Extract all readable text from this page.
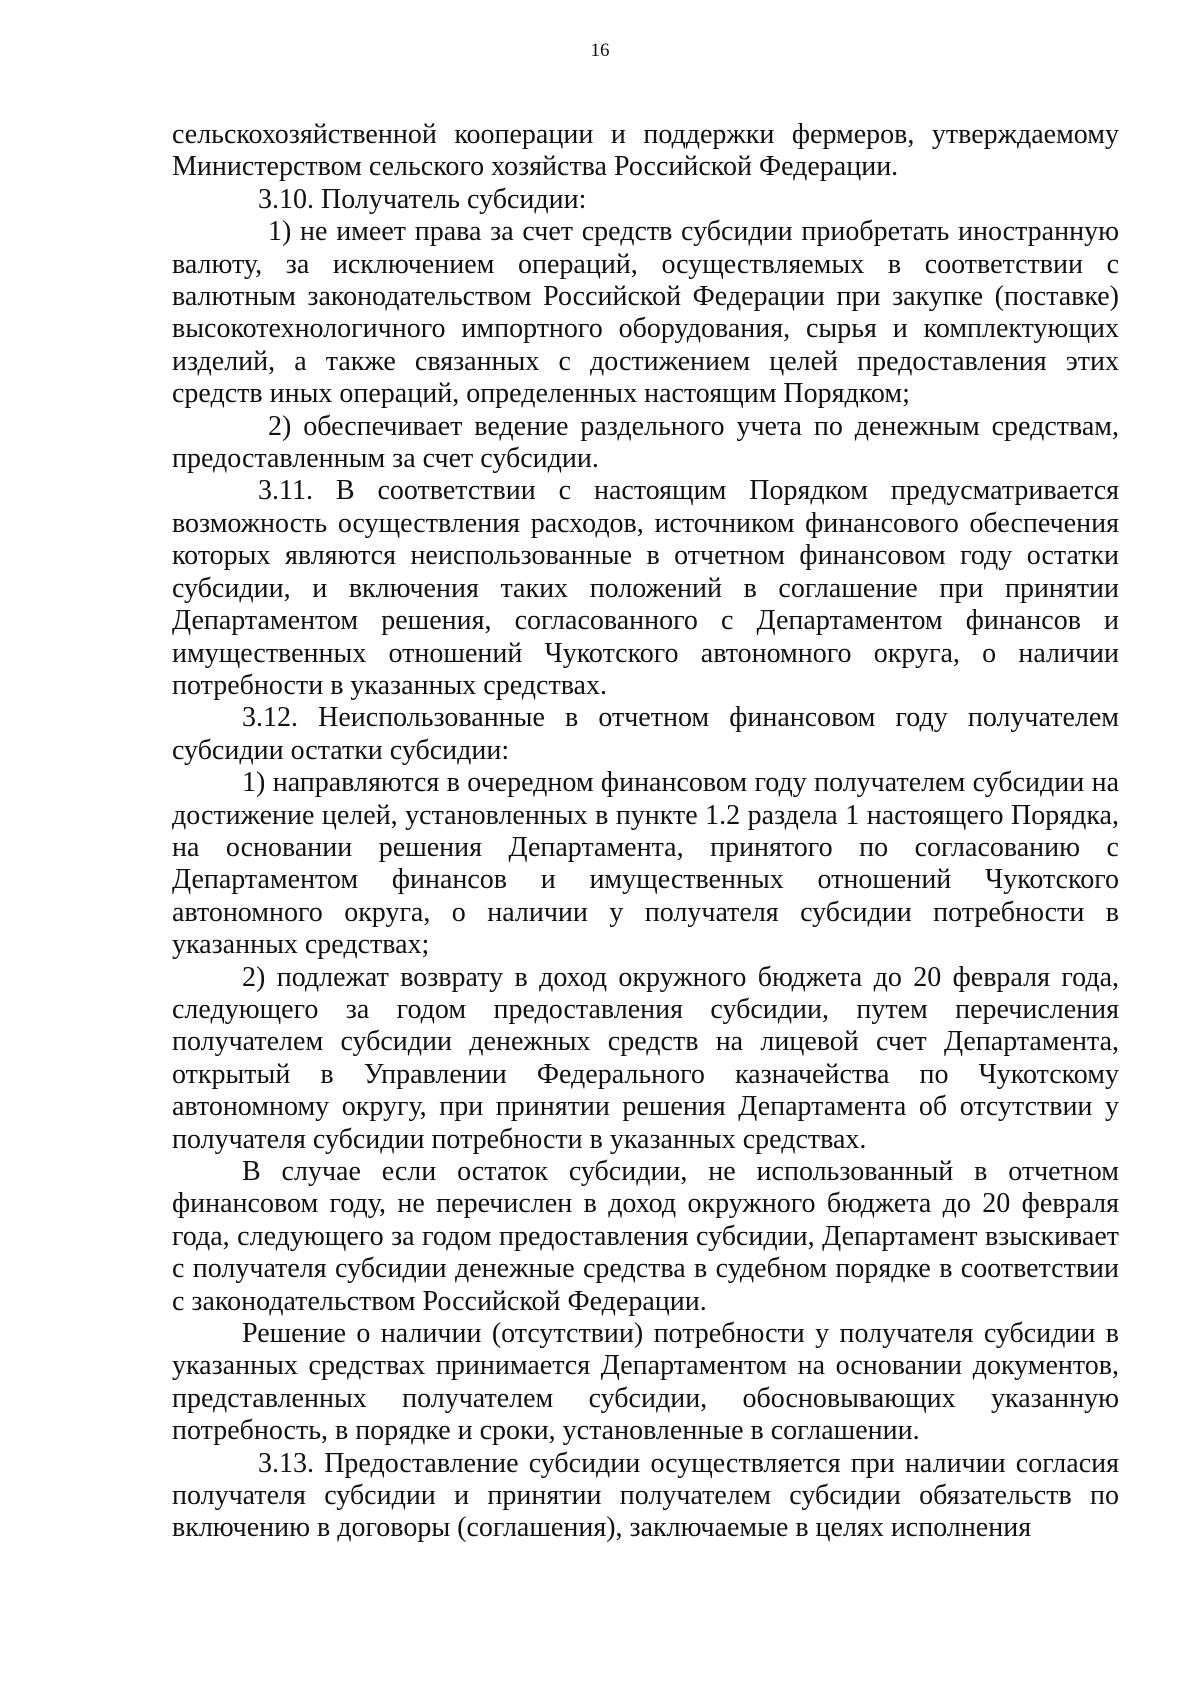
16

сельскохозяйственной кооперации и поддержки фермеров, утверждаемому Министерством сельского хозяйства Российской Федерации.

3.10. Получатель субсидии:

1) не имеет права за счет средств субсидии приобретать иностранную валюту, за исключением операций, осуществляемых в соответствии с валютным законодательством Российской Федерации при закупке (поставке) высокотехнологичного импортного оборудования, сырья и комплектующих изделий, а также связанных с достижением целей предоставления этих средств иных операций, определенных настоящим Порядком;

2) обеспечивает ведение раздельного учета по денежным средствам, предоставленным за счет субсидии.

3.11. В соответствии с настоящим Порядком предусматривается возможность осуществления расходов, источником финансового обеспечения которых являются неиспользованные в отчетном финансовом году остатки субсидии, и включения таких положений в соглашение при принятии Департаментом решения, согласованного с Департаментом финансов и имущественных отношений Чукотского автономного округа, о наличии потребности в указанных средствах.

3.12. Неиспользованные в отчетном финансовом году получателем субсидии остатки субсидии:

1) направляются в очередном финансовом году получателем субсидии на достижение целей, установленных в пункте 1.2 раздела 1 настоящего Порядка, на основании решения Департамента, принятого по согласованию с Департаментом финансов и имущественных отношений Чукотского автономного округа, о наличии у получателя субсидии потребности в указанных средствах;

2) подлежат возврату в доход окружного бюджета до 20 февраля года, следующего за годом предоставления субсидии, путем перечисления получателем субсидии денежных средств на лицевой счет Департамента, открытый в Управлении Федерального казначейства по Чукотскому автономному округу, при принятии решения Департамента об отсутствии у получателя субсидии потребности в указанных средствах.

В случае если остаток субсидии, не использованный в отчетном финансовом году, не перечислен в доход окружного бюджета до 20 февраля года, следующего за годом предоставления субсидии, Департамент взыскивает с получателя субсидии денежные средства в судебном порядке в соответствии с законодательством Российской Федерации.

Решение о наличии (отсутствии) потребности у получателя субсидии в указанных средствах принимается Департаментом на основании документов, представленных получателем субсидии, обосновывающих указанную потребность, в порядке и сроки, установленные в соглашении.

3.13. Предоставление субсидии осуществляется при наличии согласия получателя субсидии и принятии получателем субсидии обязательств по включению в договоры (соглашения), заключаемые в целях исполнения
